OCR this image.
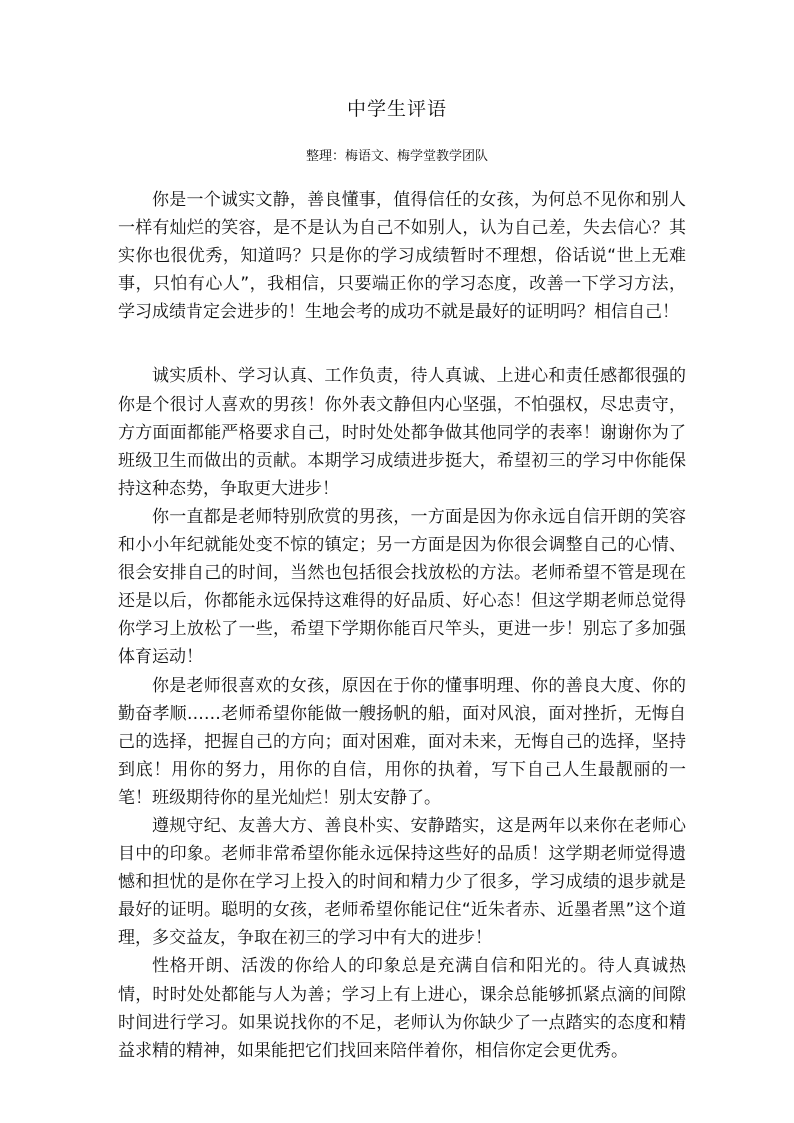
中学生评语
整理：梅语文、梅学堂教学团队

你是一个诚实文静，善良懂事，值得信任的女孩，为何总不见你和别人一样有灿烂的笑容，是不是认为自己不如别人，认为自己差，失去信心？其实你也很优秀，知道吗？只是你的学习成绩暂时不理想，俗话说“世上无难事，只怕有心人”，我相信，只要端正你的学习态度，改善一下学习方法，学习成绩肯定会进步的！生地会考的成功不就是最好的证明吗？相信自己！

诚实质朴、学习认真、工作负责，待人真诚、上进心和责任感都很强的你是个很讨人喜欢的男孩！你外表文静但内心坚强，不怕强权，尽忠责守，方方面面都能严格要求自己，时时处处都争做其他同学的表率！谢谢你为了班级卫生而做出的贡献。本期学习成绩进步挺大，希望初三的学习中你能保持这种态势，争取更大进步！

你一直都是老师特别欣赏的男孩，一方面是因为你永远自信开朗的笑容和小小年纪就能处变不惊的镇定；另一方面是因为你很会调整自己的心情、很会安排自己的时间，当然也包括很会找放松的方法。老师希望不管是现在还是以后，你都能永远保持这难得的好品质、好心态！但这学期老师总觉得你学习上放松了一些，希望下学期你能百尺竿头，更进一步！别忘了多加强体育运动！

你是老师很喜欢的女孩，原因在于你的懂事明理、你的善良大度、你的勤奋孝顺……老师希望你能做一艘扬帆的船，面对风浪，面对挫折，无悔自己的选择，把握自己的方向；面对困难，面对未来，无悔自己的选择，坚持到底！用你的努力，用你的自信，用你的执着，写下自己人生最靓丽的一笔！班级期待你的星光灿烂！别太安静了。

遵规守纪、友善大方、善良朴实、安静踏实，这是两年以来你在老师心目中的印象。老师非常希望你能永远保持这些好的品质！这学期老师觉得遗憾和担忧的是你在学习上投入的时间和精力少了很多，学习成绩的退步就是最好的证明。聪明的女孩，老师希望你能记住“近朱者赤、近墨者黑”这个道理，多交益友，争取在初三的学习中有大的进步！

性格开朗、活泼的你给人的印象总是充满自信和阳光的。待人真诚热情，时时处处都能与人为善；学习上有上进心，课余总能够抓紧点滴的间隙时间进行学习。如果说找你的不足，老师认为你缺少了一点踏实的态度和精益求精的精神，如果能把它们找回来陪伴着你，相信你定会更优秀。
